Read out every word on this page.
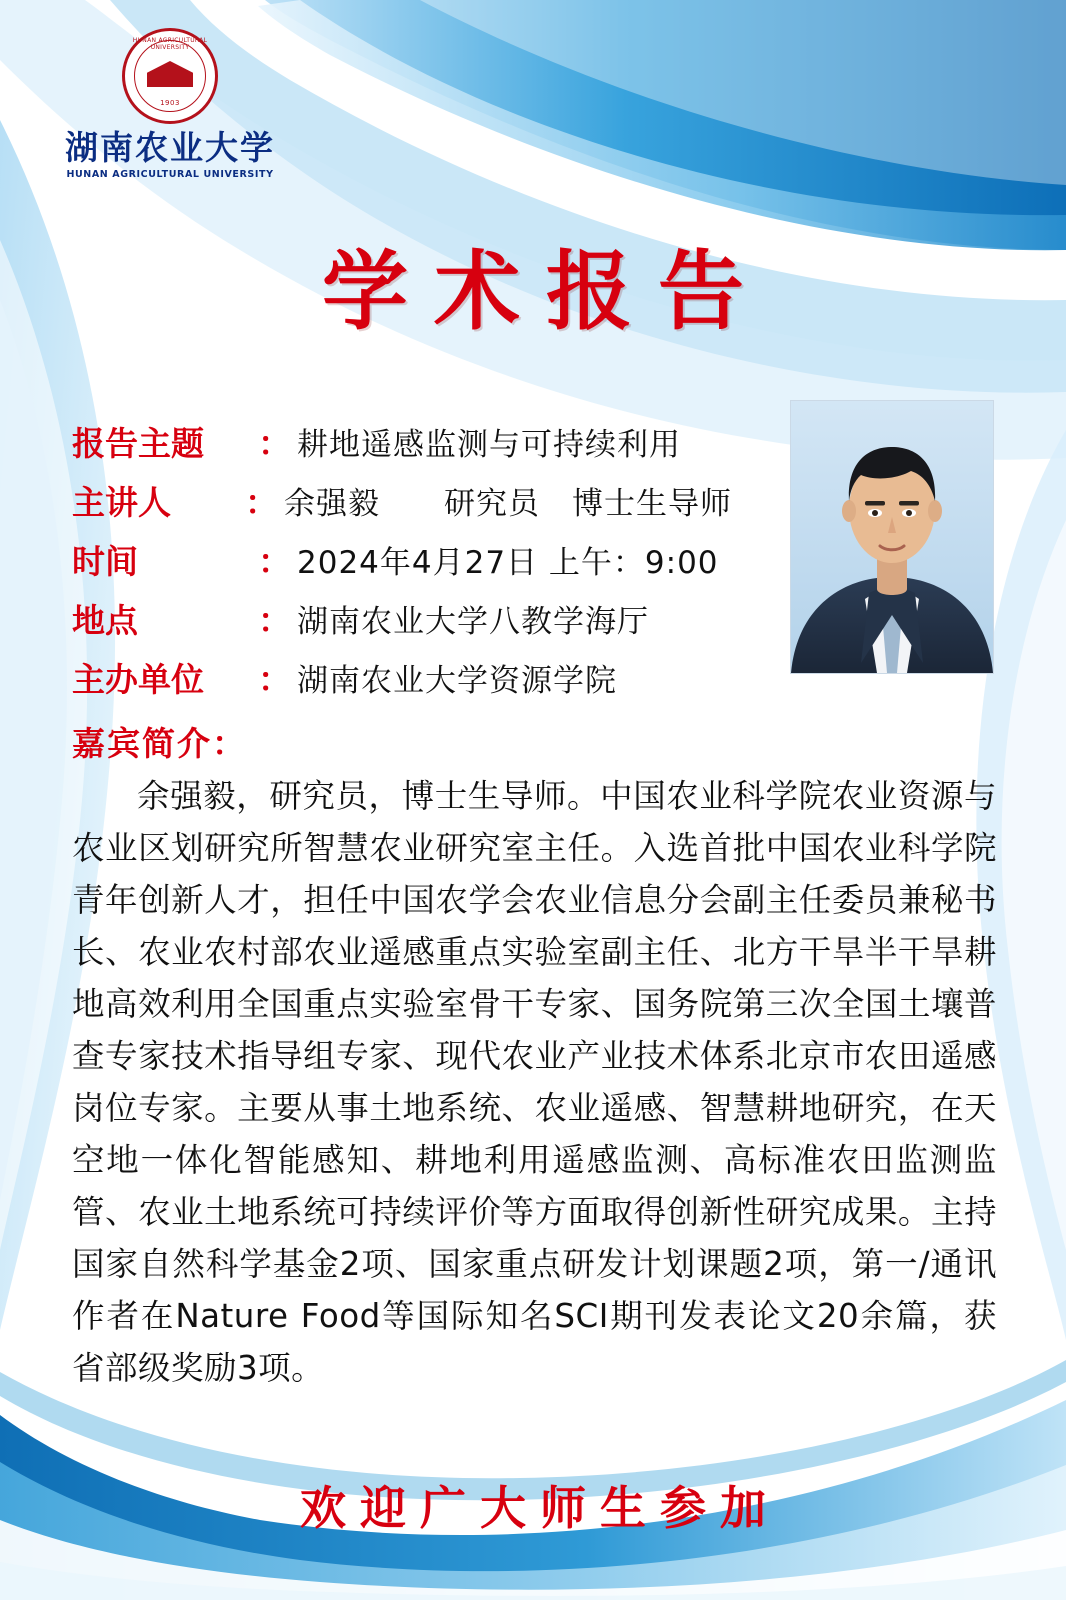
HUNAN AGRICULTURAL UNIVERSITY
1903
湖南农业大学
HUNAN AGRICULTURAL UNIVERSITY
学术报告
报告主题	： 耕地遥感监测与可持续利用
主讲人	： 余强毅　　研究员　博士生导师
时间	： 2024年4月27日 上午：9:00
地点	： 湖南农业大学八教学海厅
主办单位	： 湖南农业大学资源学院
嘉宾简介：
余强毅，研究员，博士生导师。中国农业科学院农业资源与农业区划研究所智慧农业研究室主任。入选首批中国农业科学院青年创新人才，担任中国农学会农业信息分会副主任委员兼秘书长、农业农村部农业遥感重点实验室副主任、北方干旱半干旱耕地高效利用全国重点实验室骨干专家、国务院第三次全国土壤普查专家技术指导组专家、现代农业产业技术体系北京市农田遥感岗位专家。主要从事土地系统、农业遥感、智慧耕地研究，在天空地一体化智能感知、耕地利用遥感监测、高标准农田监测监管、农业土地系统可持续评价等方面取得创新性研究成果。主持国家自然科学基金2项、国家重点研发计划课题2项，第一/通讯作者在Nature Food等国际知名SCI期刊发表论文20余篇，获省部级奖励3项。
欢迎广大师生参加
